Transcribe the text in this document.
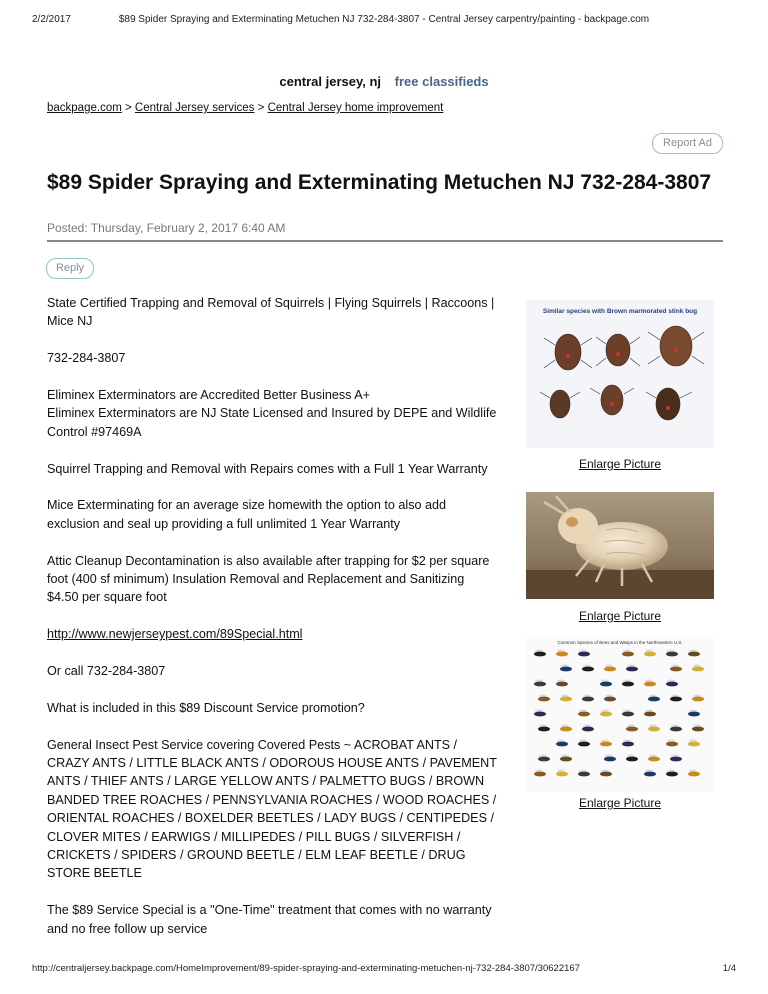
2/2/2017	$89 Spider Spraying and Exterminating Metuchen NJ 732-284-3807 - Central Jersey carpentry/painting - backpage.com
central jersey, nj free classifieds
backpage.com > Central Jersey services > Central Jersey home improvement
Report Ad
$89 Spider Spraying and Exterminating Metuchen NJ 732-284-3807
Posted: Thursday, February 2, 2017 6:40 AM
Reply

State Certified Trapping and Removal of Squirrels | Flying Squirrels | Raccoons | Mice NJ

732-284-3807

Eliminex Exterminators are Accredited Better Business A+
Eliminex Exterminators are NJ State Licensed and Insured by DEPE and Wildlife Control #97469A

Squirrel Trapping and Removal with Repairs comes with a Full 1 Year Warranty

Mice Exterminating for an average size homewith the option to also add exclusion and seal up providing a full unlimited 1 Year Warranty

Attic Cleanup Decontamination is also available after trapping for $2 per square foot (400 sf minimum) Insulation Removal and Replacement and Sanitizing $4.50 per square foot

http://www.newjerseypest.com/89Special.html

Or call 732-284-3807

What is included in this $89 Discount Service promotion?

General Insect Pest Service covering Covered Pests ~ ACROBAT ANTS / CRAZY ANTS / LITTLE BLACK ANTS / ODOROUS HOUSE ANTS / PAVEMENT ANTS / THIEF ANTS / LARGE YELLOW ANTS / PALMETTO BUGS / BROWN BANDED TREE ROACHES / PENNSYLVANIA ROACHES / WOOD ROACHES / ORIENTAL ROACHES / BOXELDER BEETLES / LADY BUGS / CENTIPEDES / CLOVER MITES / EARWIGS / MILLIPEDES / PILL BUGS / SILVERFISH / CRICKETS / SPIDERS / GROUND BEETLE / ELM LEAF BEETLE / DRUG STORE BEETLE

The $89 Service Special is a "One-Time" treatment that comes with no warranty and no free follow up service

Similar species with Brown marmorated stink bug
Enlarge Picture
Enlarge Picture
Common Species of Bees and Wasps in the Northeastern U.S.
Enlarge Picture
http://centraljersey.backpage.com/HomeImprovement/89-spider-spraying-and-exterminating-metuchen-nj-732-284-3807/30622167	1/4
